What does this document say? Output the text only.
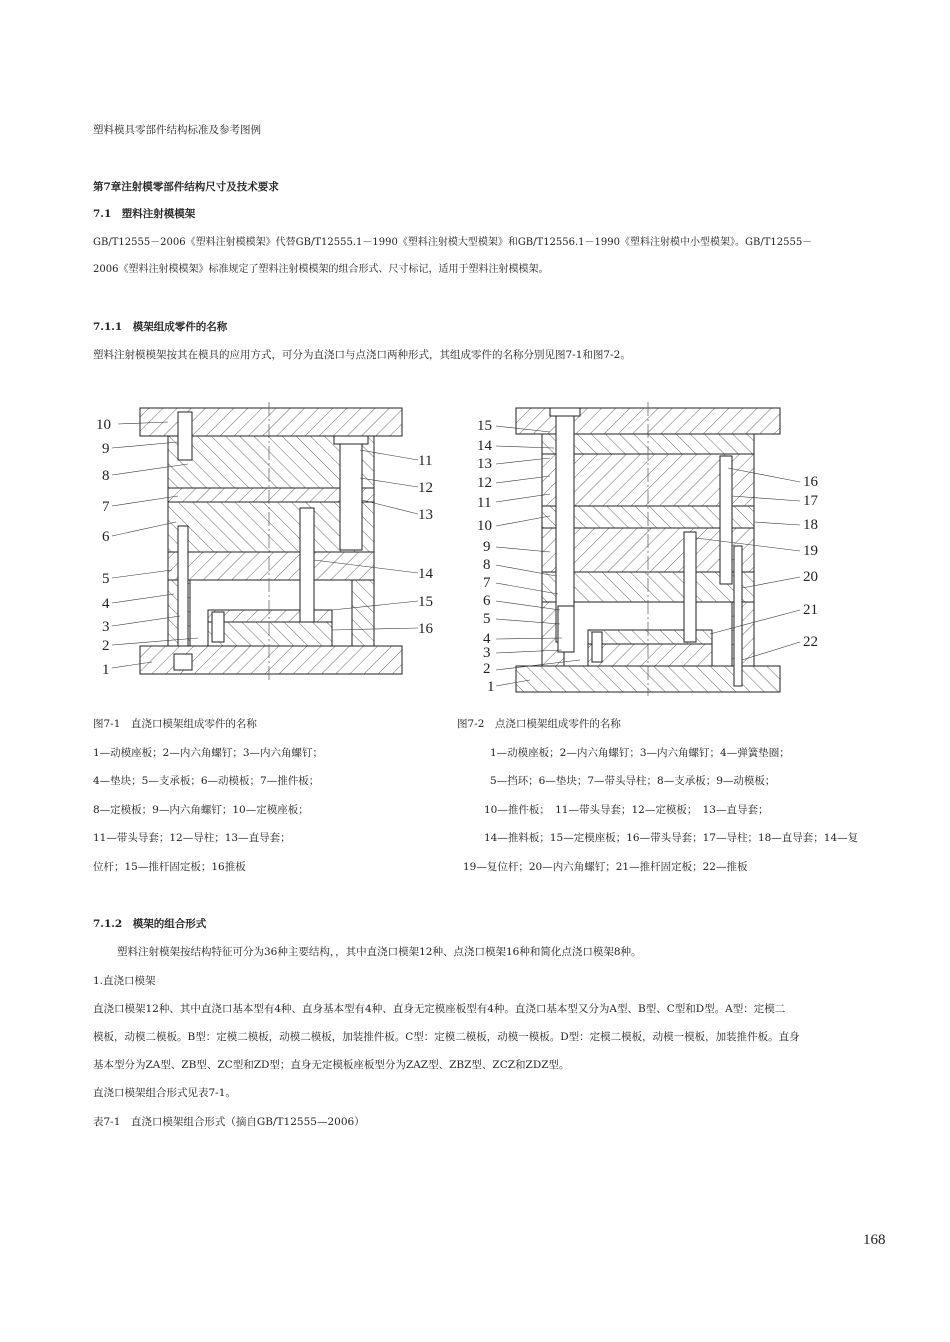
塑料模具零部件结构标准及参考图例
第7章注射模零部件结构尺寸及技术要求
7.1　塑料注射模模架
GB/T12555－2006《塑料注射模模架》代替GB/T12555.1－1990《塑料注射模大型模架》和GB/T12556.1－1990《塑料注射模中小型模架》。GB/T12555－
2006《塑料注射模模架》标准规定了塑料注射模模架的组合形式、尺寸标记，适用于塑料注射模模架。
7.1.1　模架组成零件的名称
塑料注射模模架按其在模具的应用方式，可分为直浇口与点浇口两种形式，其组成零件的名称分别见图7-1和图7-2。
10
9
8
7
6
5
4
3
2
1
11
12
13
14
15
16
15
14
13
12
11
10
9
8
7
6
5
4
3
2
1
16
17
18
19
20
21
22
图7-1　直浇口模架组成零件的名称
1—动模座板；2—内六角螺钉；3—内六角螺钉；
4—垫块；5—支承板；6—动模板；7—推件板；
8—定模板；9—内六角螺钉；10—定模座板；
11—带头导套；12—导柱；13—直导套；
位杆；15—推杆固定板；16推板
图7-2　点浇口模架组成零件的名称
1—动模座板；2—内六角螺钉；3—内六角螺钉；4—弹簧垫圈；
5—挡环；6—垫块；7—带头导柱；8—支承板；9—动模板；
10—推件板；　11—带头导套；12—定模板；　13—直导套；
14—推料板；15—定模座板；16—带头导套；17—导柱；18—直导套；14—复
19—复位杆；20—内六角螺钉；21—推杆固定板；22—推板
7.1.2　模架的组合形式
塑料注射模架按结构特征可分为36种主要结构，，其中直浇口模架12种、点浇口模架16种和简化点浇口模架8种。
1.直浇口模架
直浇口模架12种、其中直浇口基本型有4种、直身基本型有4种、直身无定模座板型有4种。直浇口基本型又分为A型、B型、C型和D型。A型：定模二
模板，动模二模板。B型：定模二模板，动模二模板，加装推件板。C型：定模二模板，动模一模板。D型：定模二模板，动模一模板，加装推件板。直身
基本型分为ZA型、ZB型、ZC型和ZD型；直身无定模板座板型分为ZAZ型、ZBZ型、ZCZ和ZDZ型。
直浇口模架组合形式见表7-1。
表7-1　直浇口模架组合形式（摘自GB/T12555—2006）
168
